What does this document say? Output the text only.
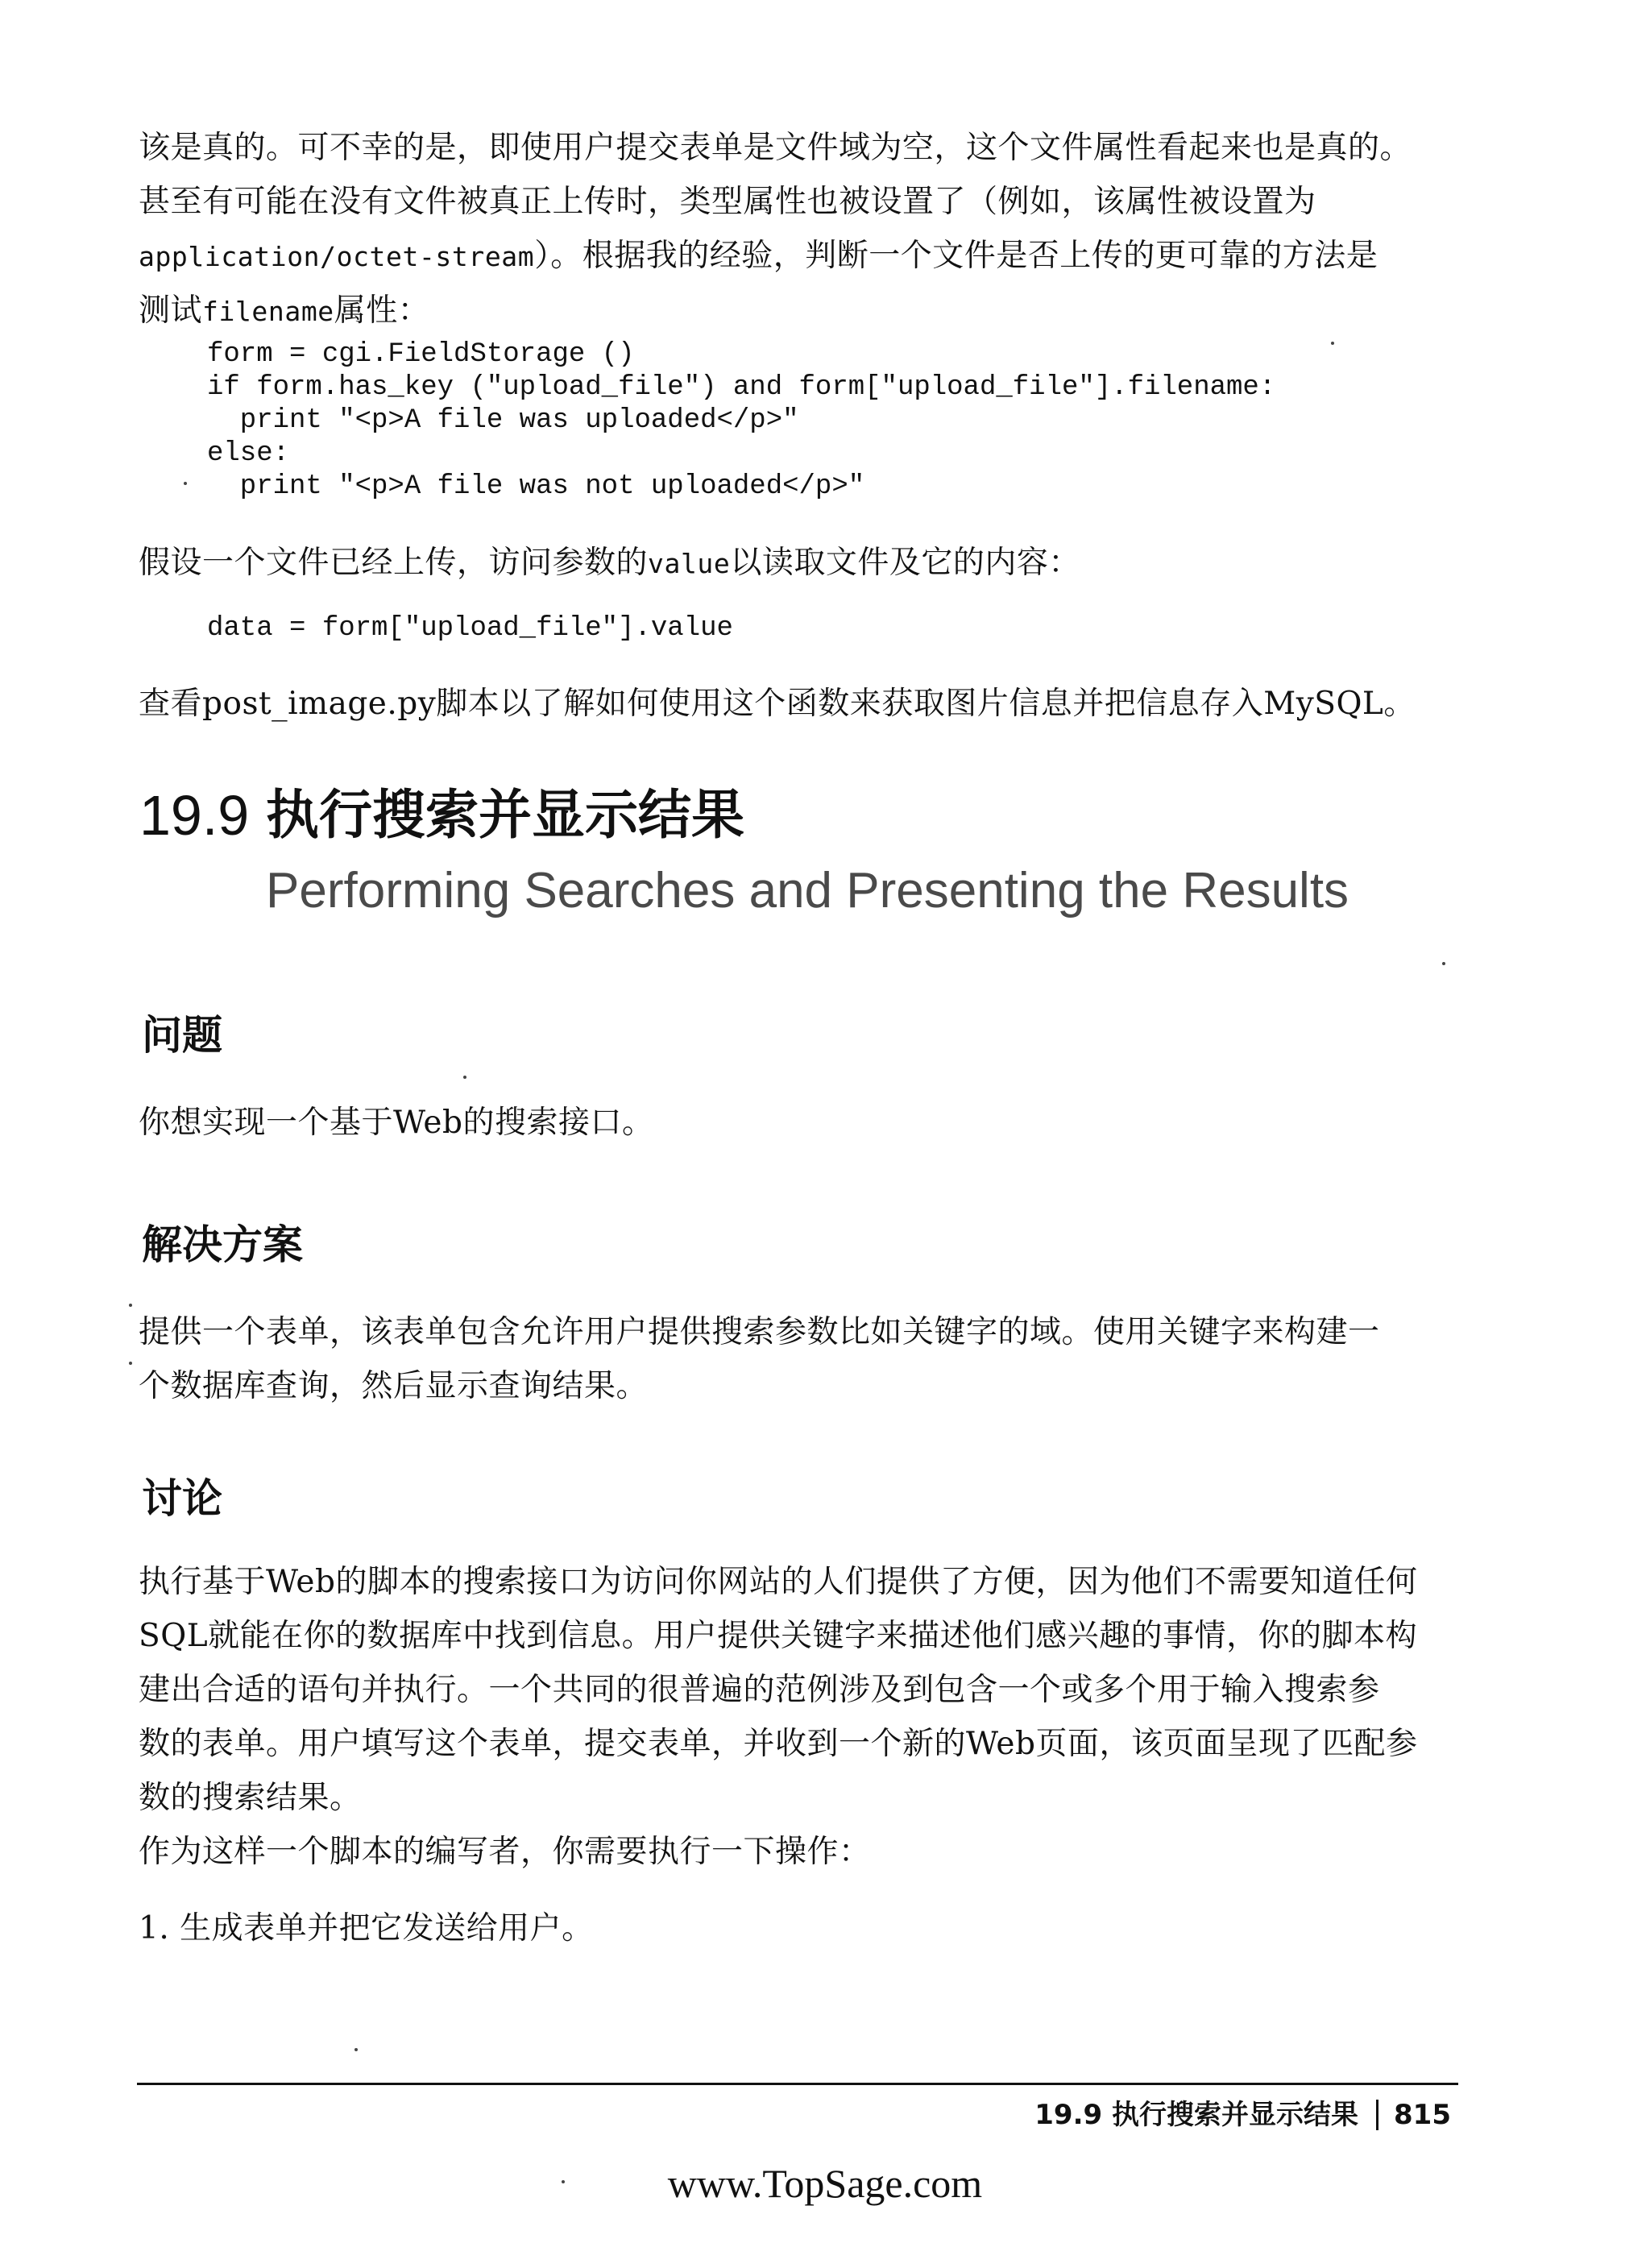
该是真的。可不幸的是，即使用户提交表单是文件域为空，这个文件属性看起来也是真的。
甚至有可能在没有文件被真正上传时，类型属性也被设置了（例如，该属性被设置为
application/octet-stream）。根据我的经验，判断一个文件是否上传的更可靠的方法是
测试filename属性：
form = cgi.FieldStorage ()
if form.has_key ("upload_file") and form["upload_file"].filename:
print "<p>A file was uploaded</p>"
else:
print "<p>A file was not uploaded</p>"
假设一个文件已经上传，访问参数的value以读取文件及它的内容：
data = form["upload_file"].value
查看post_image.py脚本以了解如何使用这个函数来获取图片信息并把信息存入MySQL。
19.9 执行搜索并显示结果
Performing Searches and Presenting the Results
问题
你想实现一个基于Web的搜索接口。
解决方案
提供一个表单，该表单包含允许用户提供搜索参数比如关键字的域。使用关键字来构建一
个数据库查询，然后显示查询结果。
讨论
执行基于Web的脚本的搜索接口为访问你网站的人们提供了方便，因为他们不需要知道任何
SQL就能在你的数据库中找到信息。用户提供关键字来描述他们感兴趣的事情，你的脚本构
建出合适的语句并执行。一个共同的很普遍的范例涉及到包含一个或多个用于输入搜索参
数的表单。用户填写这个表单，提交表单，并收到一个新的Web页面，该页面呈现了匹配参
数的搜索结果。
作为这样一个脚本的编写者，你需要执行一下操作：
1. 生成表单并把它发送给用户。
19.9 执行搜索并显示结果 815
www.TopSage.com
